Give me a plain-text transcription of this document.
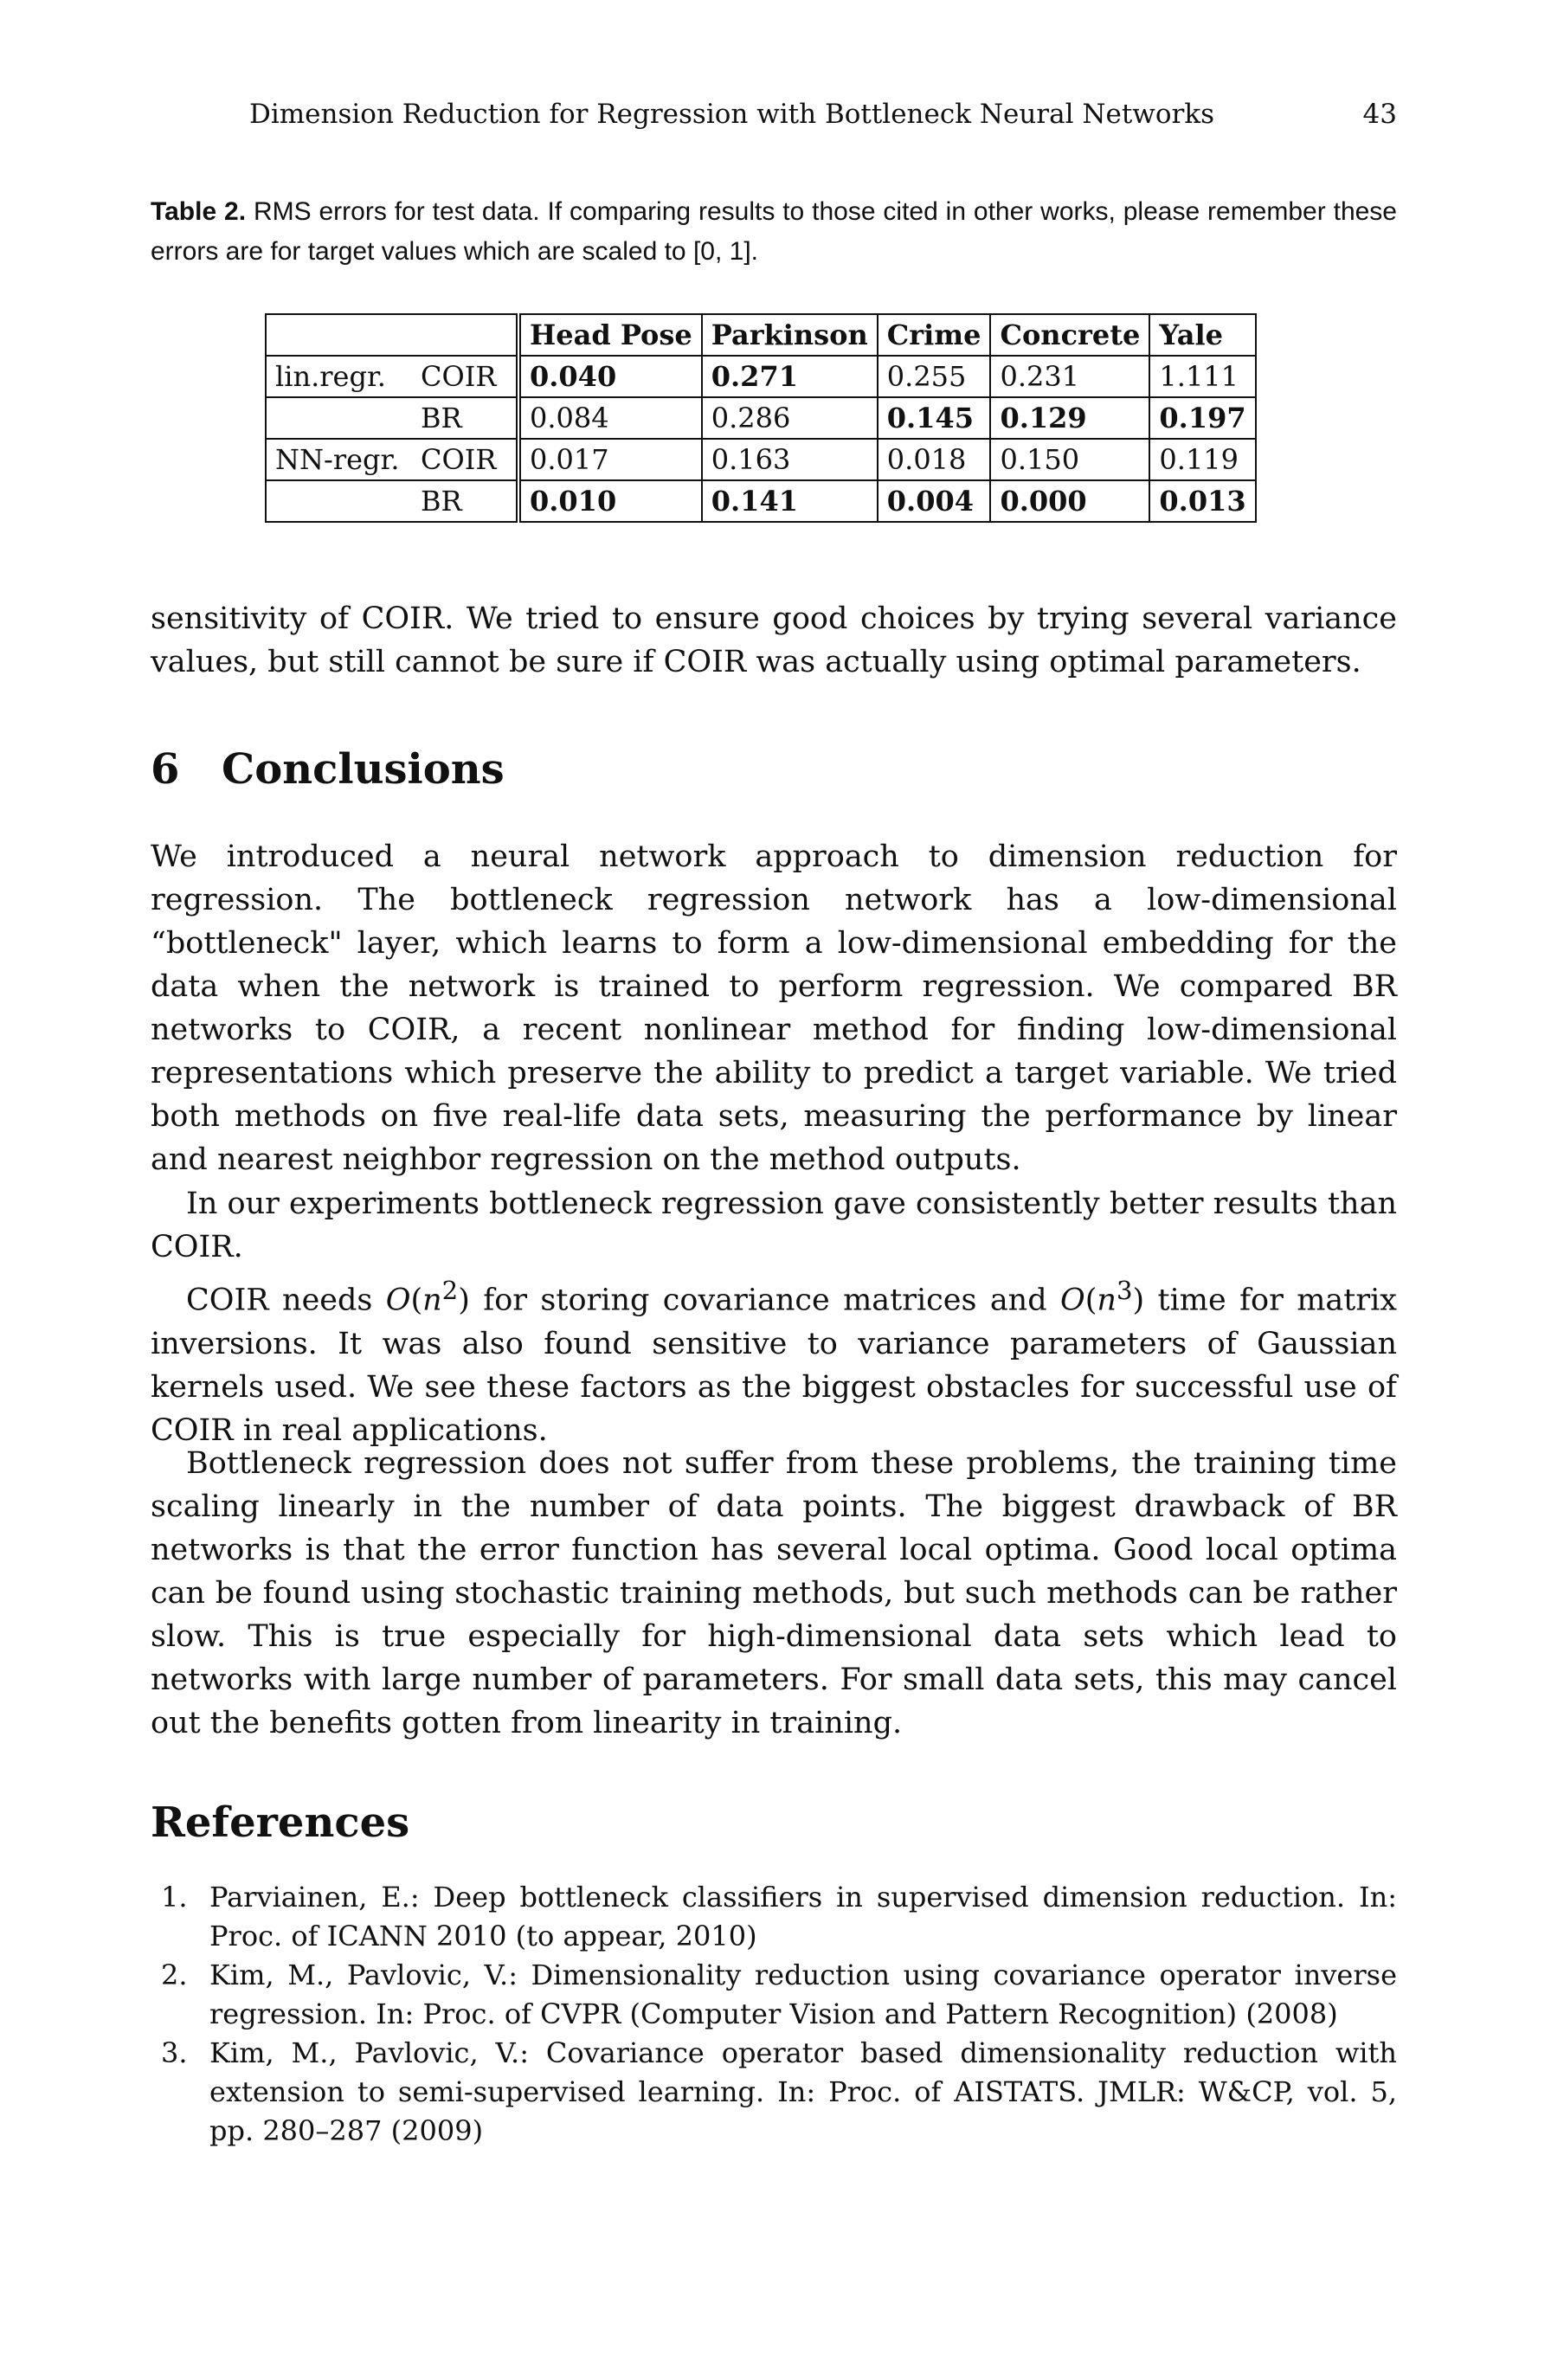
Dimension Reduction for Regression with Bottleneck Neural Networks	43
Table 2. RMS errors for test data. If comparing results to those cited in other works, please remember these errors are for target values which are scaled to [0, 1].
	Head Pose	Parkinson	Crime	Concrete	Yale
lin.regr. COIR	0.040	0.271	0.255	0.231	1.111
BR	0.084	0.286	0.145	0.129	0.197
NN-regr. COIR	0.017	0.163	0.018	0.150	0.119
BR	0.010	0.141	0.004	0.000	0.013

sensitivity of COIR. We tried to ensure good choices by trying several variance values, but still cannot be sure if COIR was actually using optimal parameters.

6 Conclusions

We introduced a neural network approach to dimension reduction for regression. The bottleneck regression network has a low-dimensional “bottleneck" layer, which learns to form a low-dimensional embedding for the data when the network is trained to perform regression. We compared BR networks to COIR, a recent nonlinear method for finding low-dimensional representations which preserve the ability to predict a target variable. We tried both methods on five real-life data sets, measuring the performance by linear and nearest neighbor regression on the method outputs.

In our experiments bottleneck regression gave consistently better results than COIR.

COIR needs $O(n^2)$ for storing covariance matrices and $O(n^3)$ time for matrix inversions. It was also found sensitive to variance parameters of Gaussian kernels used. We see these factors as the biggest obstacles for successful use of COIR in real applications.

Bottleneck regression does not suffer from these problems, the training time scaling linearly in the number of data points. The biggest drawback of BR networks is that the error function has several local optima. Good local optima can be found using stochastic training methods, but such methods can be rather slow. This is true especially for high-dimensional data sets which lead to networks with large number of parameters. For small data sets, this may cancel out the benefits gotten from linearity in training.

References
1. Parviainen, E.: Deep bottleneck classifiers in supervised dimension reduction. In: Proc. of ICANN 2010 (to appear, 2010)
2. Kim, M., Pavlovic, V.: Dimensionality reduction using covariance operator inverse regression. In: Proc. of CVPR (Computer Vision and Pattern Recognition) (2008)
3. Kim, M., Pavlovic, V.: Covariance operator based dimensionality reduction with extension to semi-supervised learning. In: Proc. of AISTATS. JMLR: W&CP, vol. 5, pp. 280–287 (2009)
